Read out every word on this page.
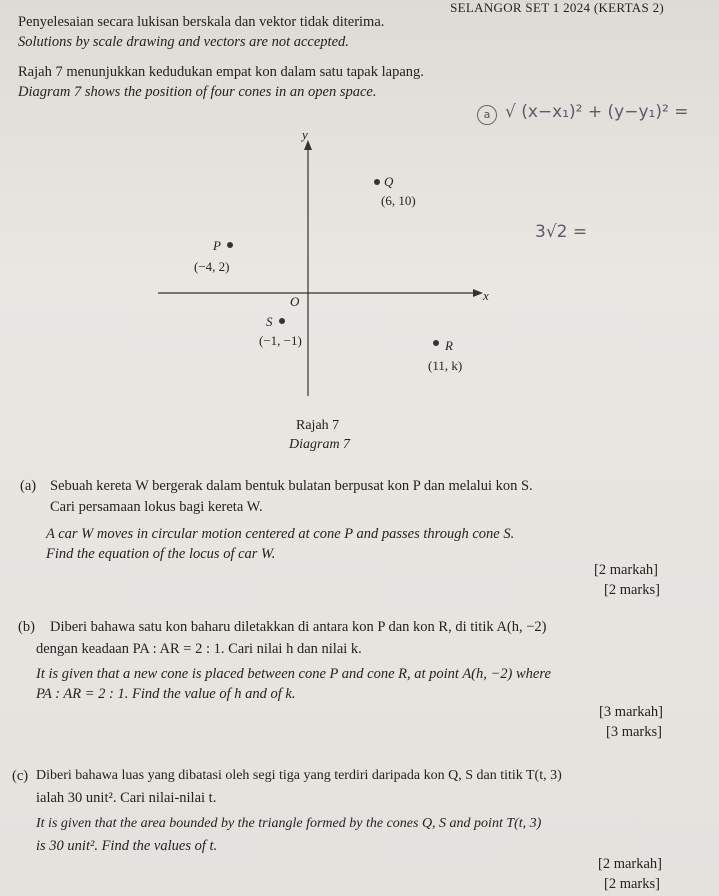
SELANGOR SET 1 2024 (KERTAS 2)
Penyelesaian secara lukisan berskala dan vektor tidak diterima.
Solutions by scale drawing and vectors are not accepted.
Rajah 7 menunjukkan kedudukan empat kon dalam satu tapak lapang.
Diagram 7 shows the position of four cones in an open space.
a √ (x−x₁)² + (y−y₁)² =
3√2 =
y
x
O
Q
(6, 10)
P
(−4, 2)
S
(−1, −1)	R
(11, k)
Rajah 7
Diagram 7
(a) Sebuah kereta W bergerak dalam bentuk bulatan berpusat kon P dan melalui kon S.
Cari persamaan lokus bagi kereta W.
A car W moves in circular motion centered at cone P and passes through cone S.
Find the equation of the locus of car W.
[2 markah]
[2 marks]
(b) Diberi bahawa satu kon baharu diletakkan di antara kon P dan kon R, di titik A(h, −2)
dengan keadaan PA : AR = 2 : 1. Cari nilai h dan nilai k.
It is given that a new cone is placed between cone P and cone R, at point A(h, −2) where
PA : AR = 2 : 1. Find the value of h and of k.
[3 markah]
[3 marks]
(c) Diberi bahawa luas yang dibatasi oleh segi tiga yang terdiri daripada kon Q, S dan titik T(t, 3)
ialah 30 unit². Cari nilai-nilai t.
It is given that the area bounded by the triangle formed by the cones Q, S and point T(t, 3)
is 30 unit². Find the values of t.
[2 markah]
[2 marks]
